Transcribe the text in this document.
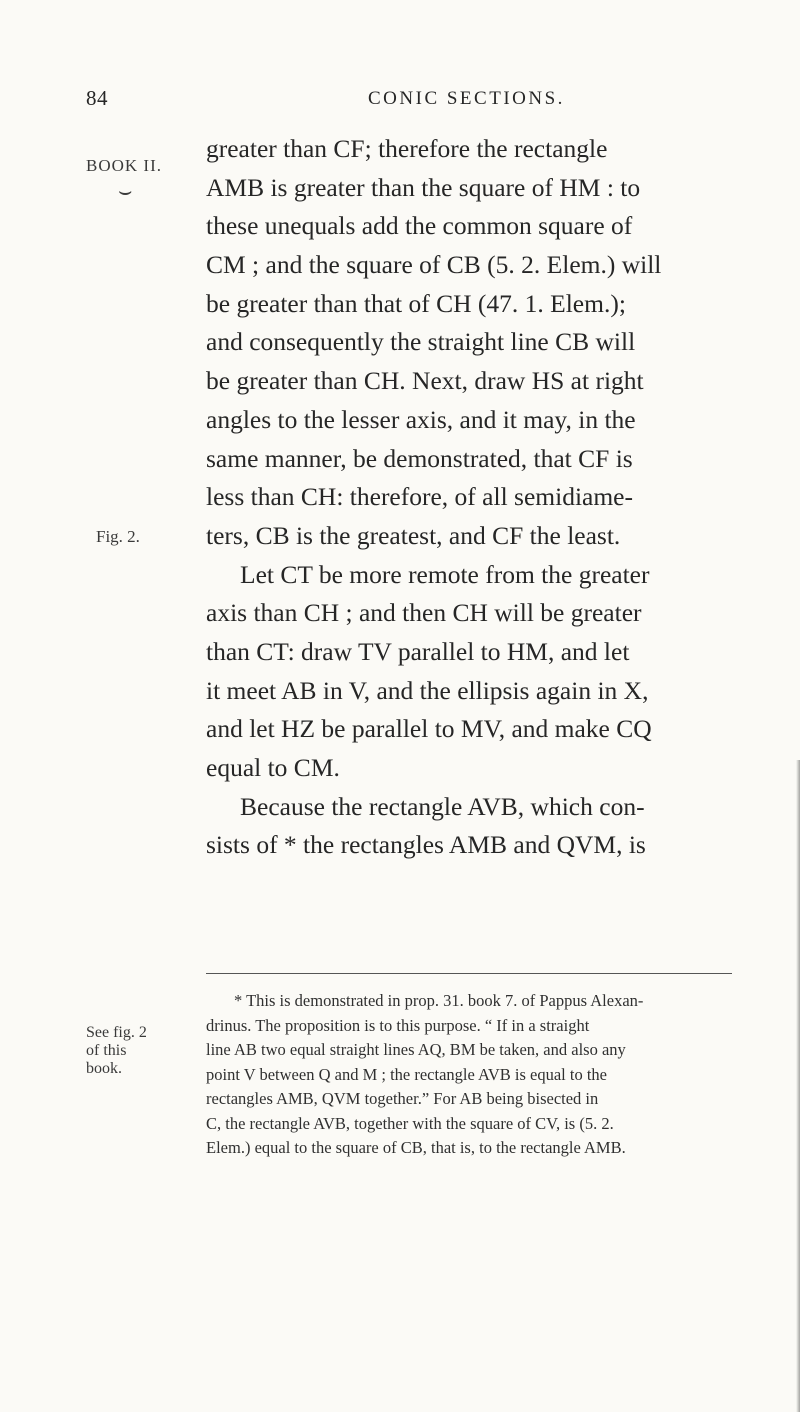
84	CONIC SECTIONS.
BOOK II.
⌣
Fig. 2.
See fig. 2
of this
book.
greater than CF; therefore the rectangle
AMB is greater than the square of HM : to
these unequals add the common square of
CM ; and the square of CB (5. 2. Elem.) will
be greater than that of CH (47. 1. Elem.);
and consequently the straight line CB will
be greater than CH. Next, draw HS at right
angles to the lesser axis, and it may, in the
same manner, be demonstrated, that CF is
less than CH: therefore, of all semidiame-
ters, CB is the greatest, and CF the least.
Let CT be more remote from the greater
axis than CH ; and then CH will be greater
than CT: draw TV parallel to HM, and let
it meet AB in V, and the ellipsis again in X,
and let HZ be parallel to MV, and make CQ
equal to CM.
Because the rectangle AVB, which con-
sists of * the rectangles AMB and QVM, is
* This is demonstrated in prop. 31. book 7. of Pappus Alexan-
drinus. The proposition is to this purpose. “ If in a straight
line AB two equal straight lines AQ, BM be taken, and also any
point V between Q and M ; the rectangle AVB is equal to the
rectangles AMB, QVM together.” For AB being bisected in
C, the rectangle AVB, together with the square of CV, is (5. 2.
Elem.) equal to the square of CB, that is, to the rectangle AMB.
